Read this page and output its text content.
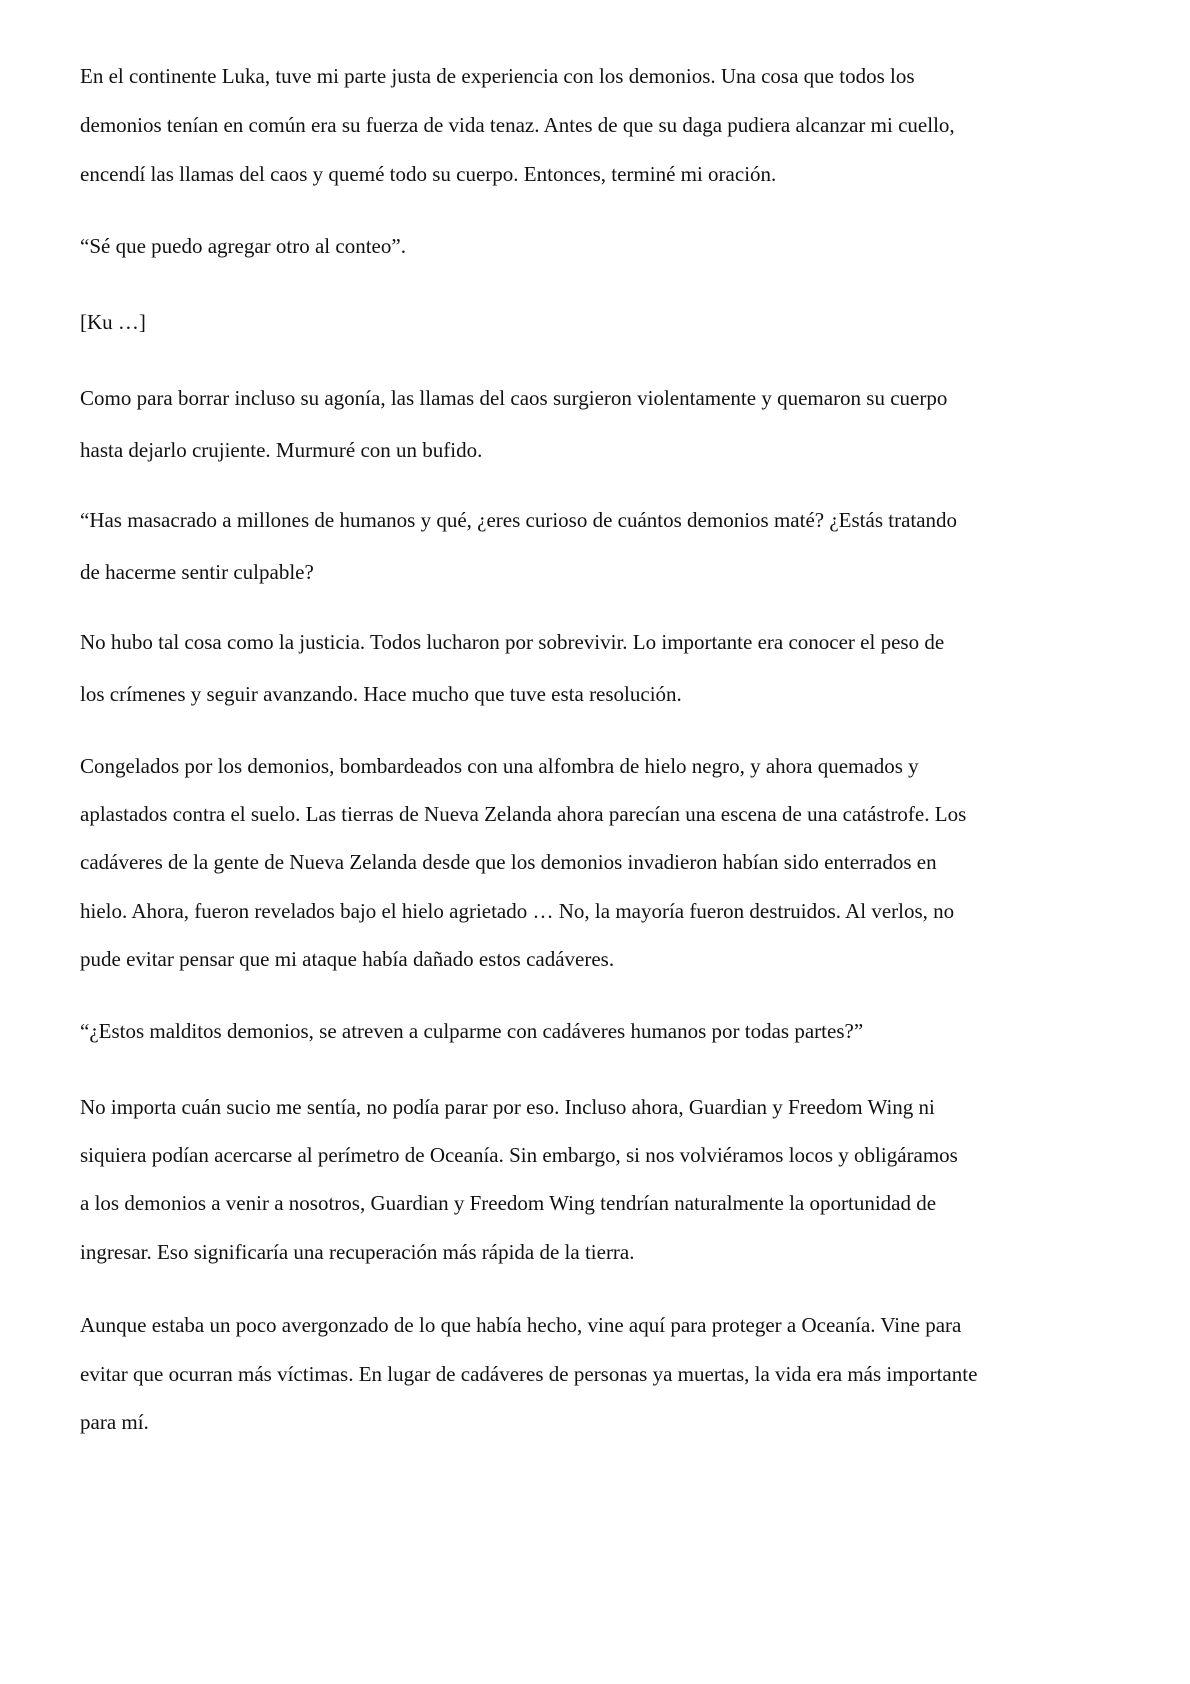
En el continente Luka, tuve mi parte justa de experiencia con los demonios. Una cosa que todos los
demonios tenían en común era su fuerza de vida tenaz. Antes de que su daga pudiera alcanzar mi cuello,
encendí las llamas del caos y quemé todo su cuerpo. Entonces, terminé mi oración.
“Sé que puedo agregar otro al conteo”.
[Ku …]
Como para borrar incluso su agonía, las llamas del caos surgieron violentamente y quemaron su cuerpo
hasta dejarlo crujiente. Murmuré con un bufido.
“Has masacrado a millones de humanos y qué, ¿eres curioso de cuántos demonios maté? ¿Estás tratando
de hacerme sentir culpable?
No hubo tal cosa como la justicia. Todos lucharon por sobrevivir. Lo importante era conocer el peso de
los crímenes y seguir avanzando. Hace mucho que tuve esta resolución.
Congelados por los demonios, bombardeados con una alfombra de hielo negro, y ahora quemados y
aplastados contra el suelo. Las tierras de Nueva Zelanda ahora parecían una escena de una catástrofe. Los
cadáveres de la gente de Nueva Zelanda desde que los demonios invadieron habían sido enterrados en
hielo. Ahora, fueron revelados bajo el hielo agrietado … No, la mayoría fueron destruidos. Al verlos, no
pude evitar pensar que mi ataque había dañado estos cadáveres.
“¿Estos malditos demonios, se atreven a culparme con cadáveres humanos por todas partes?”
No importa cuán sucio me sentía, no podía parar por eso. Incluso ahora, Guardian y Freedom Wing ni
siquiera podían acercarse al perímetro de Oceanía. Sin embargo, si nos volviéramos locos y obligáramos
a los demonios a venir a nosotros, Guardian y Freedom Wing tendrían naturalmente la oportunidad de
ingresar. Eso significaría una recuperación más rápida de la tierra.
Aunque estaba un poco avergonzado de lo que había hecho, vine aquí para proteger a Oceanía. Vine para
evitar que ocurran más víctimas. En lugar de cadáveres de personas ya muertas, la vida era más importante
para mí.
